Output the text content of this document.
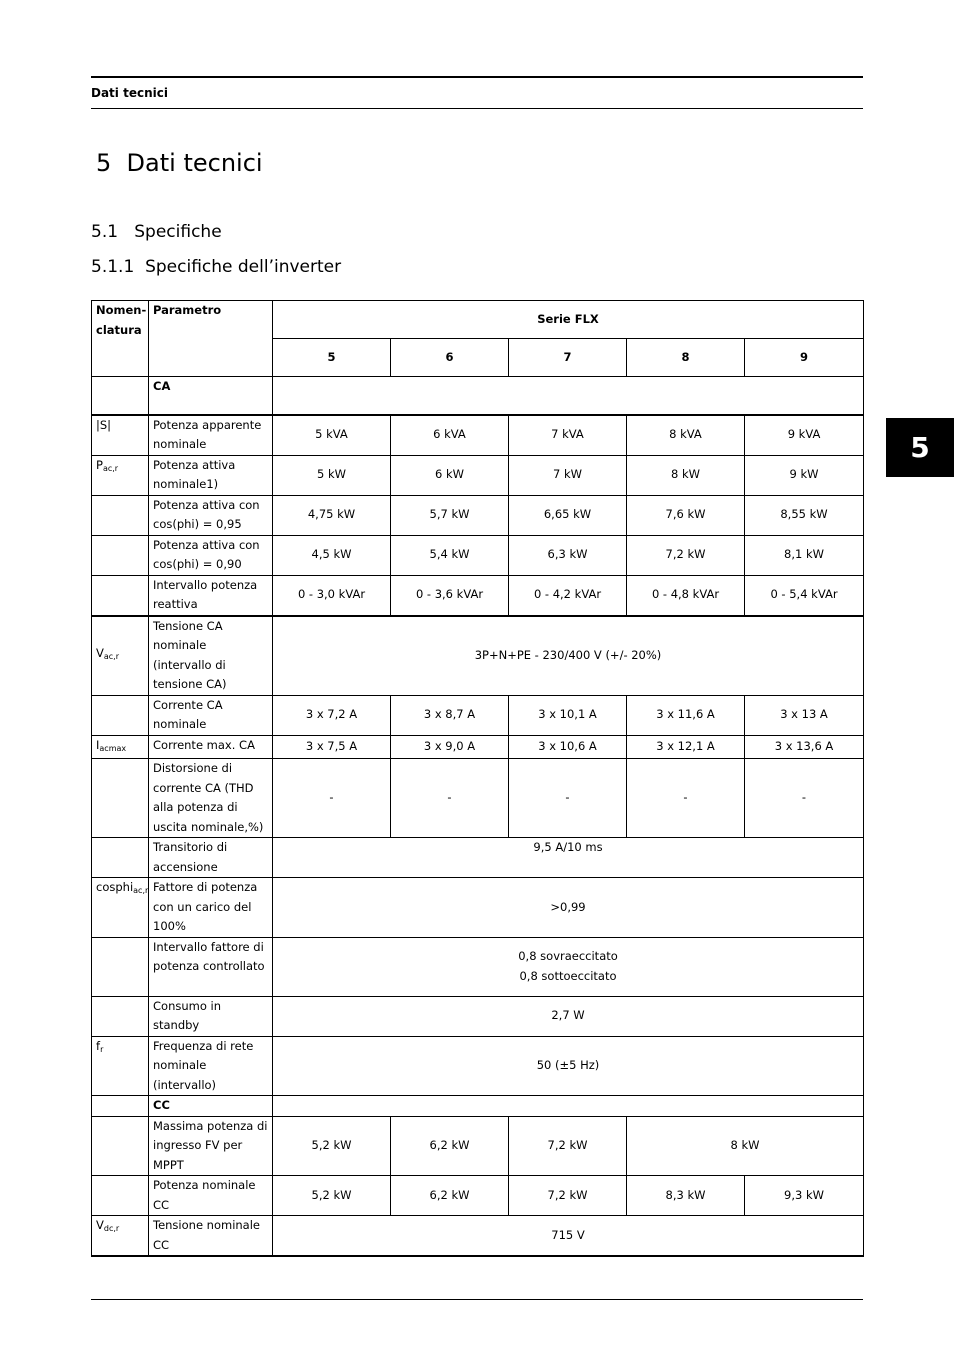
Dati tecnici
5 Dati tecnici
5.1 Specifiche
5.1.1 Specifiche dell’inverter
5
Nomen-clatura	Parametro	Serie FLX				
		5	6	7	8	9
	CA					
|S|	Potenza apparente nominale	5 kVA	6 kVA	7 kVA	8 kVA	9 kVA
$P_{ac,r}$	Potenza attiva nominale1)	5 kW	6 kW	7 kW	8 kW	9 kW
	Potenza attiva con cos(phi) = 0,95	4,75 kW	5,7 kW	6,65 kW	7,6 kW	8,55 kW
	Potenza attiva con cos(phi) = 0,90	4,5 kW	5,4 kW	6,3 kW	7,2 kW	8,1 kW
	Intervallo potenza reattiva	0 - 3,0 kVAr	0 - 3,6 kVAr	0 - 4,2 kVAr	0 - 4,8 kVAr	0 - 5,4 kVAr
$V_{ac,r}$	Tensione CA nominale (intervallo di tensione CA)	3P+N+PE - 230/400 V (+/- 20%)				
	Corrente CA nominale	3 x 7,2 A	3 x 8,7 A	3 x 10,1 A	3 x 11,6 A	3 x 13 A
$I_{acmax}$	Corrente max. CA	3 x 7,5 A	3 x 9,0 A	3 x 10,6 A	3 x 12,1 A	3 x 13,6 A
	Distorsione di corrente CA (THD alla potenza di uscita nominale,%)	-	-	-	-	-
	Transitorio di accensione	9,5 A/10 ms				
cosphi$_{ac,r}$	Fattore di potenza con un carico del 100%	>0,99				
	Intervallo fattore di potenza controllato	0,8 sovraeccitato
0,8 sottoeccitato				

	Consumo in standby	2,7 W				
$f_r$	Frequenza di rete nominale (intervallo)	50 (±5 Hz)				
	CC					
	Massima potenza di ingresso FV per MPPT	5,2 kW	6,2 kW	7,2 kW	8 kW	
	Potenza nominale CC	5,2 kW	6,2 kW	7,2 kW	8,3 kW	9,3 kW
$V_{dc,r}$	Tensione nominale CC	715 V				
